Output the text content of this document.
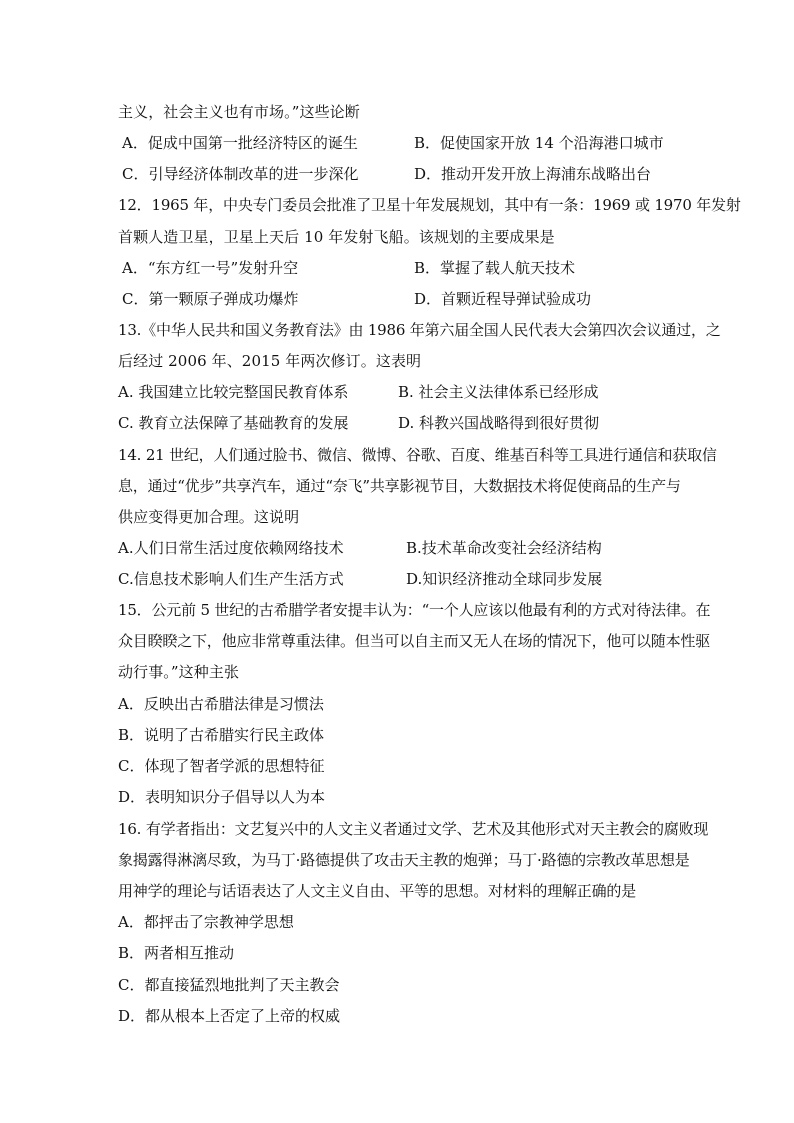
主义，社会主义也有市场。”这些论断
A．促成中国第一批经济特区的诞生	B．促使国家开放 14 个沿海港口城市
C．引导经济体制改革的进一步深化	D．推动开发开放上海浦东战略出台
12．1965 年，中央专门委员会批准了卫星十年发展规划，其中有一条：1969 或 1970 年发射
首颗人造卫星，卫星上天后 10 年发射飞船。该规划的主要成果是
A．“东方红一号”发射升空	B．掌握了载人航天技术
C．第一颗原子弹成功爆炸	D．首颗近程导弹试验成功
13.《中华人民共和国义务教育法》由 1986 年第六届全国人民代表大会第四次会议通过，之
后经过 2006 年、2015 年两次修订。这表明
A. 我国建立比较完整国民教育体系	B. 社会主义法律体系已经形成
C. 教育立法保障了基础教育的发展	D. 科教兴国战略得到很好贯彻
14. 21 世纪，人们通过脸书、微信、微博、谷歌、百度、维基百科等工具进行通信和获取信
息，通过“优步”共享汽车，通过“奈飞”共享影视节目，大数据技术将促使商品的生产与
供应变得更加合理。这说明
A.人们日常生活过度依赖网络技术	B.技术革命改变社会经济结构
C.信息技术影响人们生产生活方式	D.知识经济推动全球同步发展
15．公元前 5 世纪的古希腊学者安提丰认为：“一个人应该以他最有利的方式对待法律。在
众目睽睽之下，他应非常尊重法律。但当可以自主而又无人在场的情况下，他可以随本性驱
动行事。”这种主张
A．反映出古希腊法律是习惯法
B．说明了古希腊实行民主政体
C．体现了智者学派的思想特征
D．表明知识分子倡导以人为本
16. 有学者指出：文艺复兴中的人文主义者通过文学、艺术及其他形式对天主教会的腐败现
象揭露得淋漓尽致，为马丁·路德提供了攻击天主教的炮弹；马丁·路德的宗教改革思想是
用神学的理论与话语表达了人文主义自由、平等的思想。对材料的理解正确的是
A．都抨击了宗教神学思想
B．两者相互推动
C．都直接猛烈地批判了天主教会
D．都从根本上否定了上帝的权威
